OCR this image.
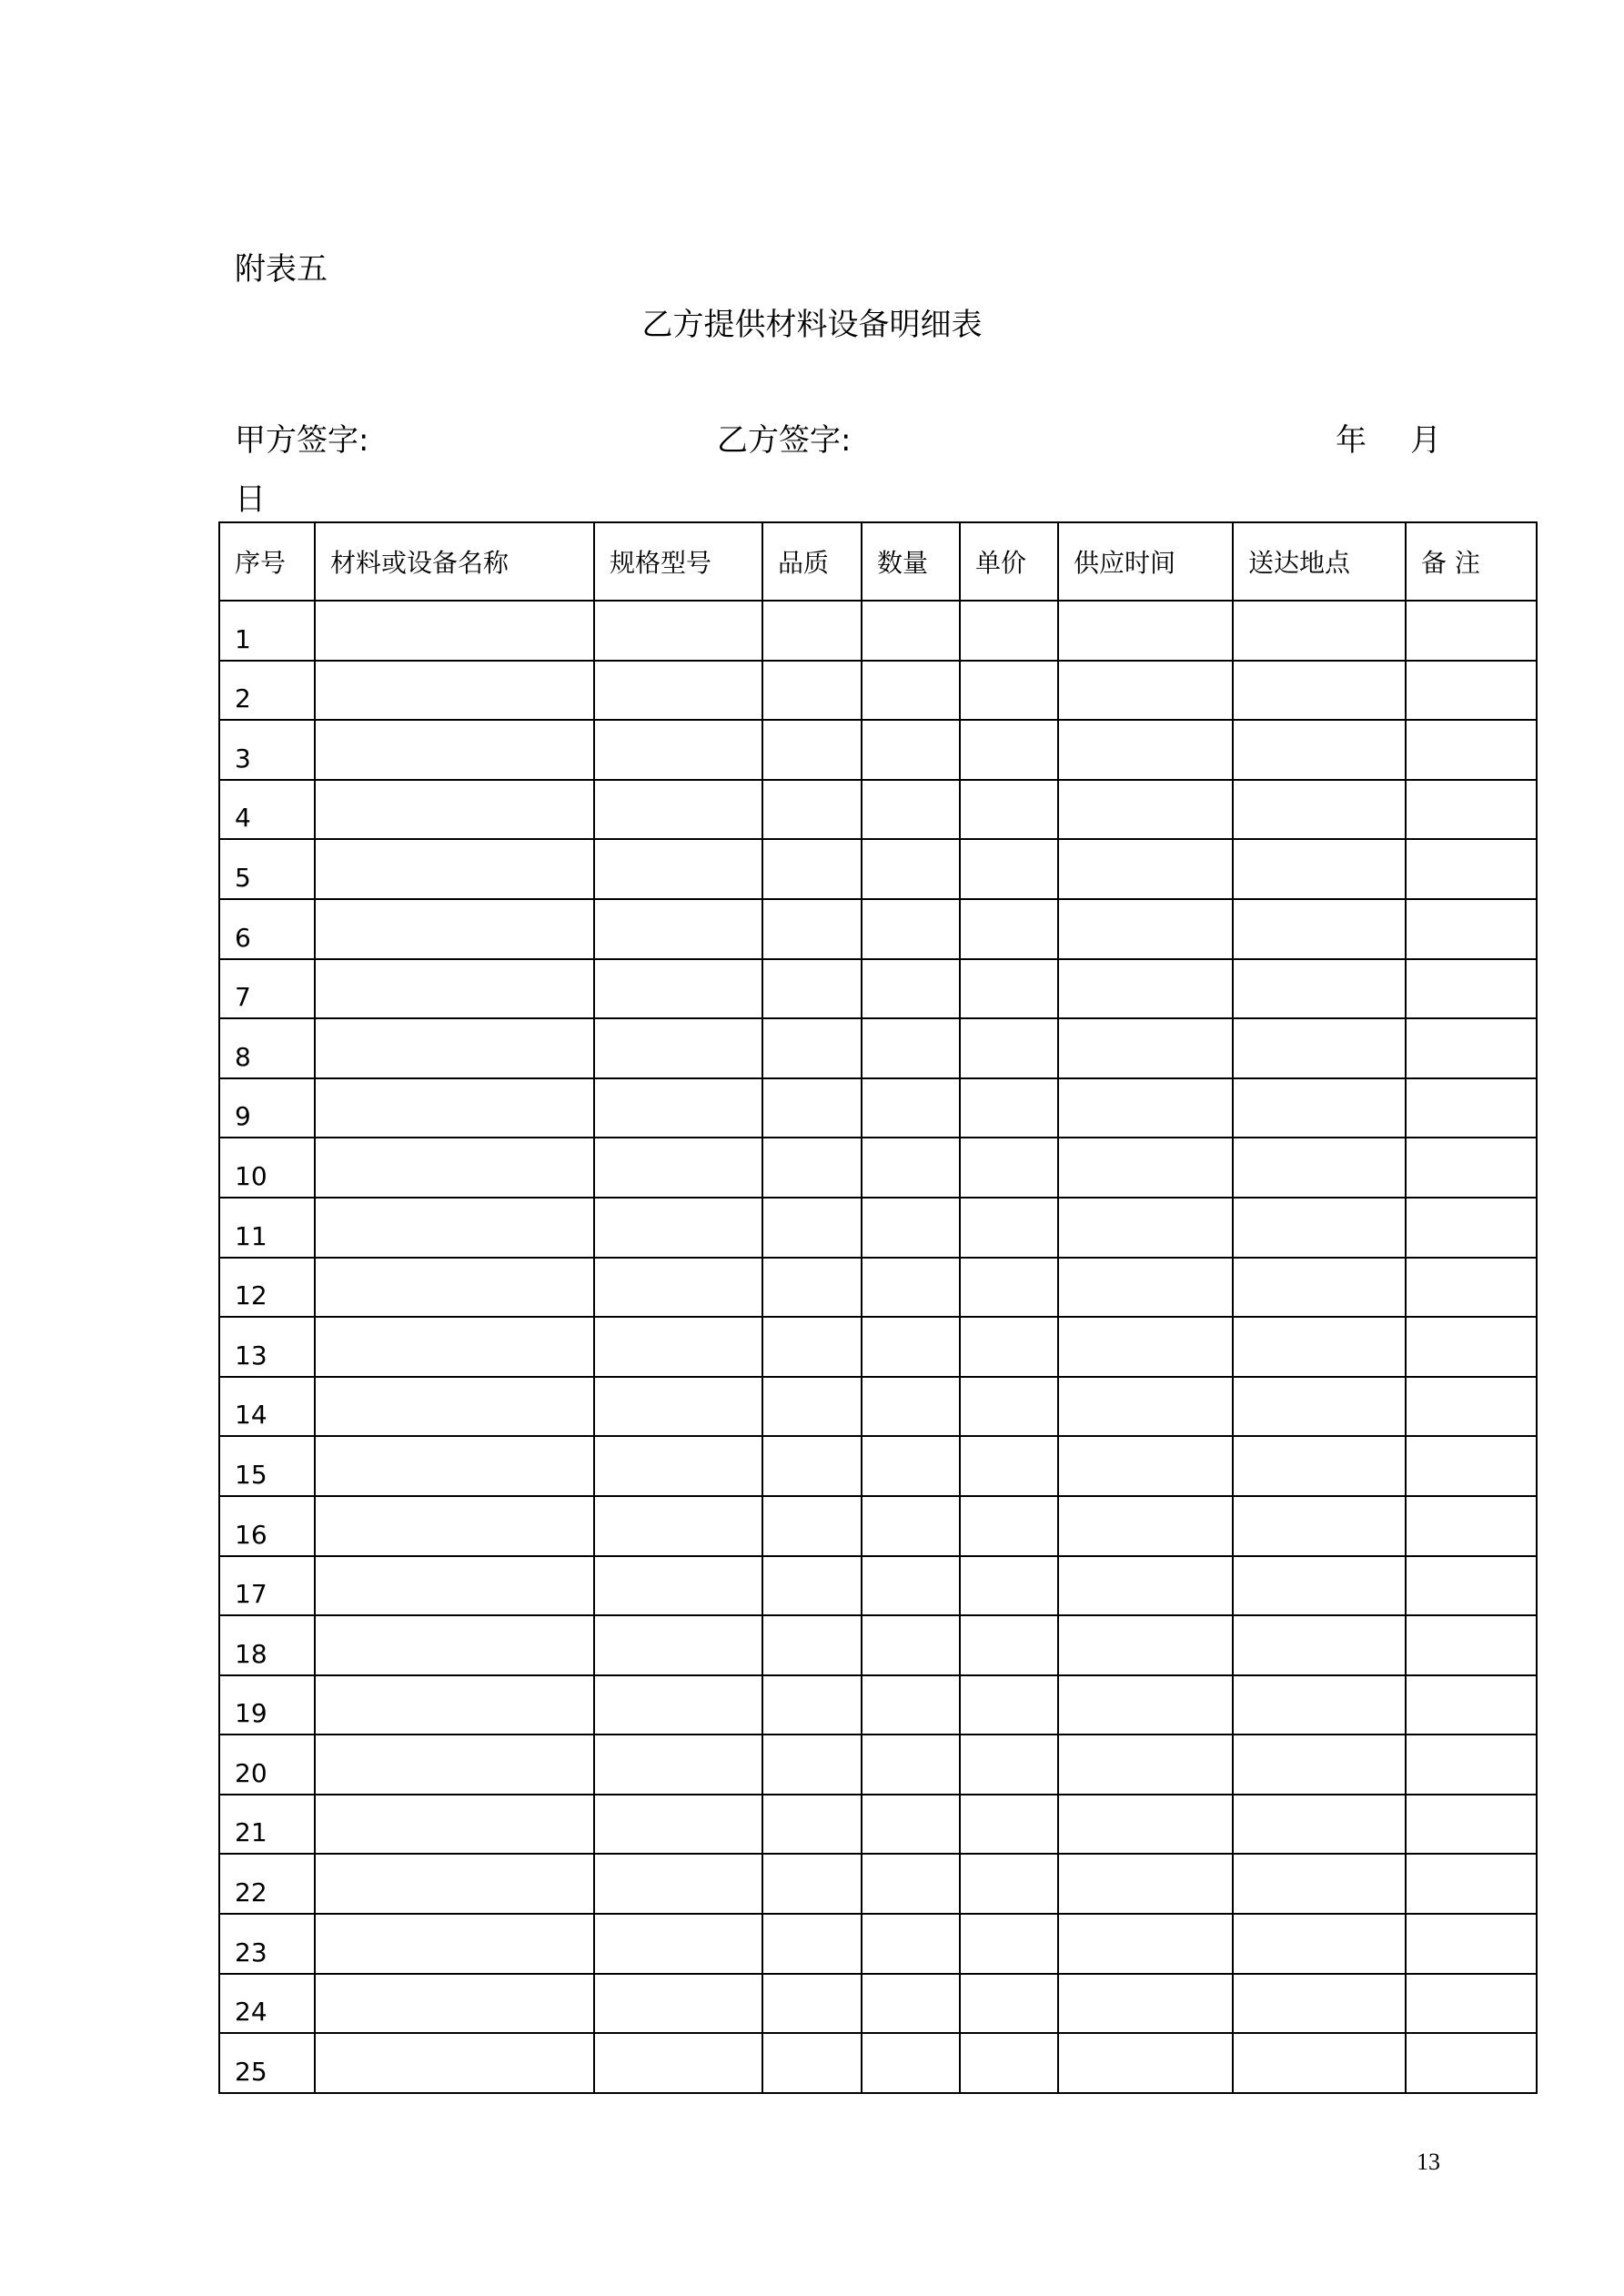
附表五
乙方提供材料设备明细表
甲方签字:	乙方签字:	年 月
日
序号	材料或设备名称	规格型号	品质	数量	单价	供应时间	送达地点	备 注
1								
2								
3								
4								
5								
6								
7								
8								
9								
10								
11								
12								
13								
14								
15								
16								
17								
18								
19								
20								
21								
22								
23								
24								
25								
13
